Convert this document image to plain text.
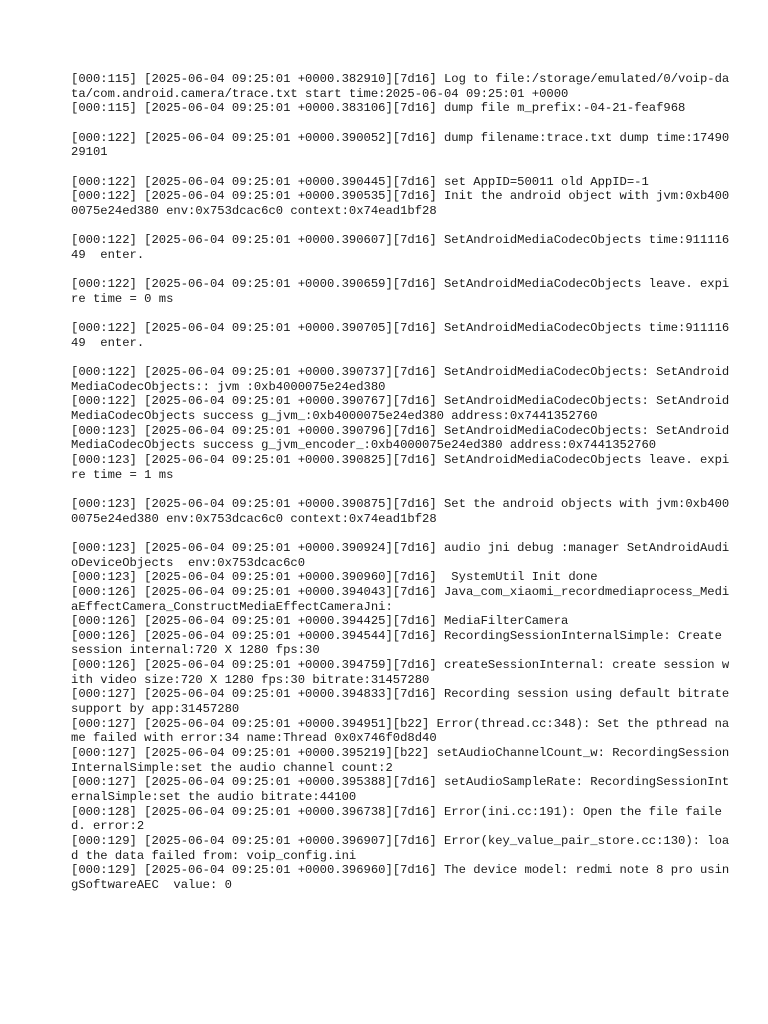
[000:115] [2025-06-04 09:25:01 +0000.382910][7d16] Log to file:/storage/emulated/0/voip-data/com.android.camera/trace.txt start time:2025-06-04 09:25:01 +0000
[000:115] [2025-06-04 09:25:01 +0000.383106][7d16] dump file m_prefix:-04-21-feaf968
[000:122] [2025-06-04 09:25:01 +0000.390052][7d16] dump filename:trace.txt dump time:1749029101
[000:122] [2025-06-04 09:25:01 +0000.390445][7d16] set AppID=50011 old AppID=-1
[000:122] [2025-06-04 09:25:01 +0000.390535][7d16] Init the android object with jvm:0xb4000075e24ed380 env:0x753dcac6c0 context:0x74ead1bf28
[000:122] [2025-06-04 09:25:01 +0000.390607][7d16] SetAndroidMediaCodecObjects time:91111649  enter.
[000:122] [2025-06-04 09:25:01 +0000.390659][7d16] SetAndroidMediaCodecObjects leave. expire time = 0 ms
[000:122] [2025-06-04 09:25:01 +0000.390705][7d16] SetAndroidMediaCodecObjects time:91111649  enter.
[000:122] [2025-06-04 09:25:01 +0000.390737][7d16] SetAndroidMediaCodecObjects: SetAndroidMediaCodecObjects:: jvm :0xb4000075e24ed380
[000:122] [2025-06-04 09:25:01 +0000.390767][7d16] SetAndroidMediaCodecObjects: SetAndroidMediaCodecObjects success g_jvm_:0xb4000075e24ed380 address:0x7441352760
[000:123] [2025-06-04 09:25:01 +0000.390796][7d16] SetAndroidMediaCodecObjects: SetAndroidMediaCodecObjects success g_jvm_encoder_:0xb4000075e24ed380 address:0x7441352760
[000:123] [2025-06-04 09:25:01 +0000.390825][7d16] SetAndroidMediaCodecObjects leave. expire time = 1 ms
[000:123] [2025-06-04 09:25:01 +0000.390875][7d16] Set the android objects with jvm:0xb4000075e24ed380 env:0x753dcac6c0 context:0x74ead1bf28
[000:123] [2025-06-04 09:25:01 +0000.390924][7d16] audio jni debug :manager SetAndroidAudioDeviceObjects  env:0x753dcac6c0
[000:123] [2025-06-04 09:25:01 +0000.390960][7d16]  SystemUtil Init done
[000:126] [2025-06-04 09:25:01 +0000.394043][7d16] Java_com_xiaomi_recordmediaprocess_MediaEffectCamera_ConstructMediaEffectCameraJni:
[000:126] [2025-06-04 09:25:01 +0000.394425][7d16] MediaFilterCamera
[000:126] [2025-06-04 09:25:01 +0000.394544][7d16] RecordingSessionInternalSimple: Create session internal:720 X 1280 fps:30
[000:126] [2025-06-04 09:25:01 +0000.394759][7d16] createSessionInternal: create session with video size:720 X 1280 fps:30 bitrate:31457280
[000:127] [2025-06-04 09:25:01 +0000.394833][7d16] Recording session using default bitrate support by app:31457280
[000:127] [2025-06-04 09:25:01 +0000.394951][b22] Error(thread.cc:348): Set the pthread name failed with error:34 name:Thread 0x0x746f0d8d40
[000:127] [2025-06-04 09:25:01 +0000.395219][b22] setAudioChannelCount_w: RecordingSessionInternalSimple:set the audio channel count:2
[000:127] [2025-06-04 09:25:01 +0000.395388][7d16] setAudioSampleRate: RecordingSessionInternalSimple:set the audio bitrate:44100
[000:128] [2025-06-04 09:25:01 +0000.396738][7d16] Error(ini.cc:191): Open the file failed. error:2
[000:129] [2025-06-04 09:25:01 +0000.396907][7d16] Error(key_value_pair_store.cc:130): load the data failed from: voip_config.ini
[000:129] [2025-06-04 09:25:01 +0000.396960][7d16] The device model: redmi note 8 pro usingSoftwareAEC  value: 0
